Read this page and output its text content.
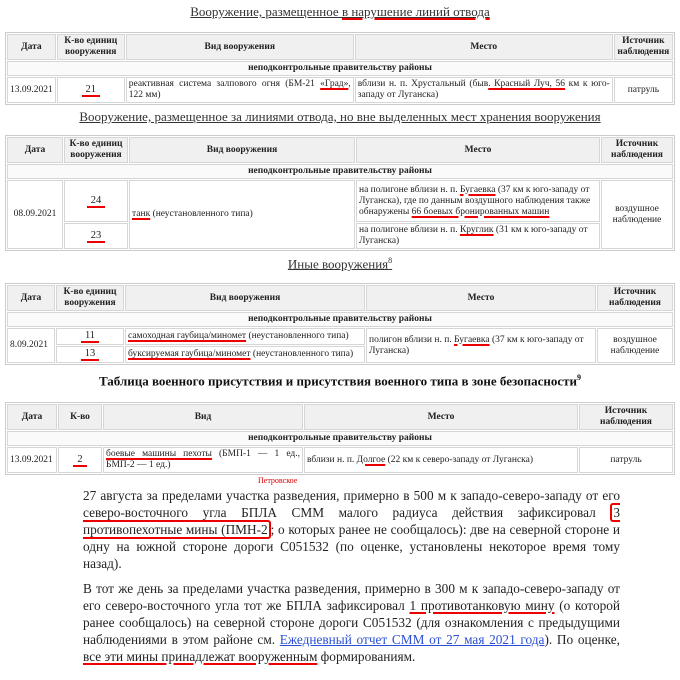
Вооружение, размещенное в нарушение линий отвода
Дата	К-во единиц вооружения	Вид вооружения	Место	Источник наблюдения
неподконтрольные правительству районы				
13.09.2021	21	реактивная система залпового огня (БМ-21 «Град», 122 мм)	вблизи н. п. Хрустальный (быв. Красный Луч, 56 км к юго-западу от Луганска)	патруль
Вооружение, размещенное за линиями отвода, но вне выделенных мест хранения вооружения
Дата	К-во единиц вооружения	Вид вооружения	Место	Источник наблюдения
неподконтрольные правительству районы				
08.09.2021	24	танк (неустановленного типа)	на полигоне вблизи н. п. Бугаевка (37 км к юго-западу от Луганска), где по данным воздушного наблюдения также обнаружены 66 боевых бронированных машин	воздушное наблюдение
	23		на полигоне вблизи н. п. Круглик (31 км к юго-западу от Луганска)	
Иные вооружения$^8$
Дата	К-во единиц вооружения	Вид вооружения	Место	Источник наблюдения
неподконтрольные правительству районы				
8.09.2021	11	самоходная гаубица/миномет (неустановленного типа)	полигон вблизи н. п. Бугаевка (37 км к юго-западу от Луганска)	воздушное наблюдение
	13	буксируемая гаубица/миномет (неустановленного типа)		
Таблица военного присутствия и присутствия военного типа в зоне безопасности$^9$
Дата	К-во	Вид	Место	Источник наблюдения
неподконтрольные правительству районы				
13.09.2021	2	боевые машины пехоты (БМП-1 — 1 ед., БМП-2 — 1 ед.)	вблизи н. п. Долгое (22 км к северо-западу от Луганска)	патруль
Петровское
27 августа за пределами участка разведения, примерно в 500 м к западо-северо-западу от его северо-восточного угла БПЛА СММ малого радиуса действия зафиксировал 3 противопехотные мины (ПМН-2 ; о которых ранее не сообщалось): две на северной стороне и одну на южной стороне дороги С051532 (по оценке, установлены некоторое время тому назад).
В тот же день за пределами участка разведения, примерно в 300 м к западо-северо-западу от его северо-восточного угла тот же БПЛА зафиксировал 1 противотанковую мину (о которой ранее сообщалось) на северной стороне дороги С051532 (для ознакомления с предыдущими наблюдениями в этом районе см. Ежедневный отчет СММ от 27 мая 2021 года). По оценке, все эти мины принадлежат вооруженным формированиям.
